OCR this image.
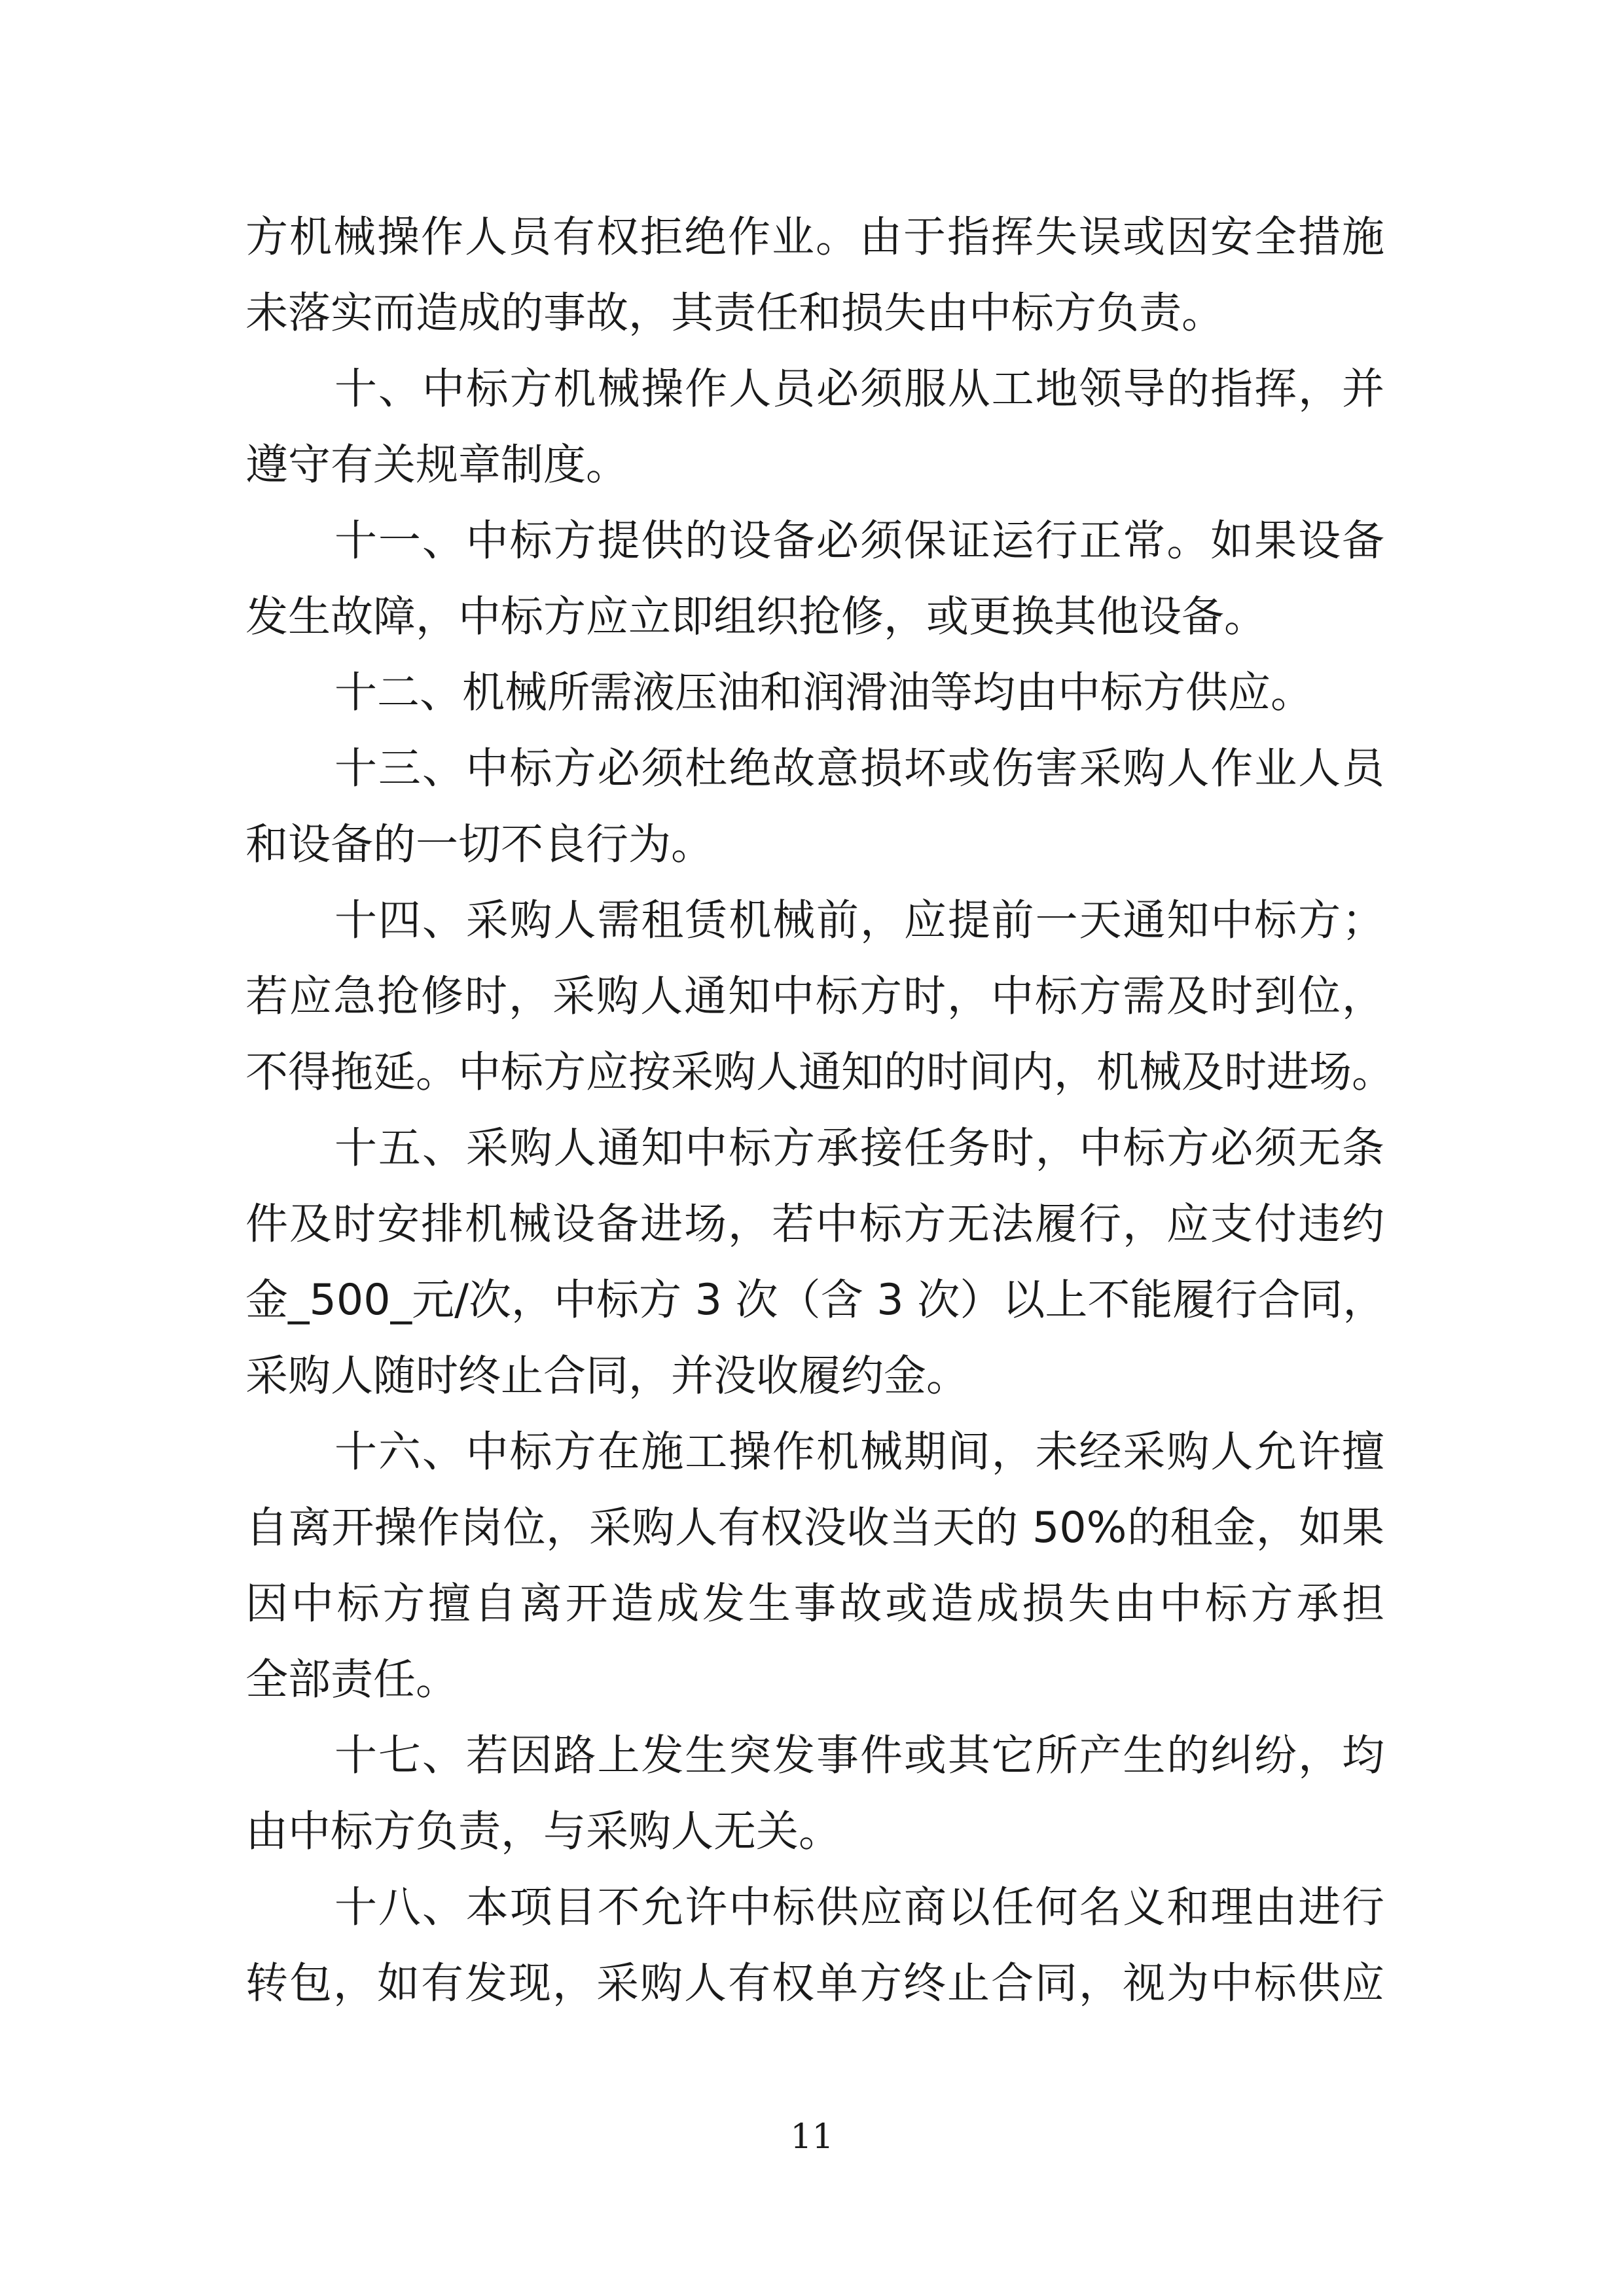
方机械操作人员有权拒绝作业。由于指挥失误或因安全措施
未落实而造成的事故，其责任和损失由中标方负责。
十、中标方机械操作人员必须服从工地领导的指挥，并
遵守有关规章制度。
十一、中标方提供的设备必须保证运行正常。如果设备
发生故障，中标方应立即组织抢修，或更换其他设备。
十二、机械所需液压油和润滑油等均由中标方供应。
十三、中标方必须杜绝故意损坏或伤害采购人作业人员
和设备的一切不良行为。
十四、采购人需租赁机械前，应提前一天通知中标方；
若应急抢修时，采购人通知中标方时，中标方需及时到位，
不得拖延。中标方应按采购人通知的时间内，机械及时进场。
十五、采购人通知中标方承接任务时，中标方必须无条
件及时安排机械设备进场，若中标方无法履行，应支付违约
金_500_元/次，中标方 3 次（含 3 次）以上不能履行合同，
采购人随时终止合同，并没收履约金。
十六、中标方在施工操作机械期间，未经采购人允许擅
自离开操作岗位，采购人有权没收当天的 50%的租金，如果
因中标方擅自离开造成发生事故或造成损失由中标方承担
全部责任。
十七、若因路上发生突发事件或其它所产生的纠纷，均
由中标方负责，与采购人无关。
十八、本项目不允许中标供应商以任何名义和理由进行
转包，如有发现，采购人有权单方终止合同，视为中标供应
11
